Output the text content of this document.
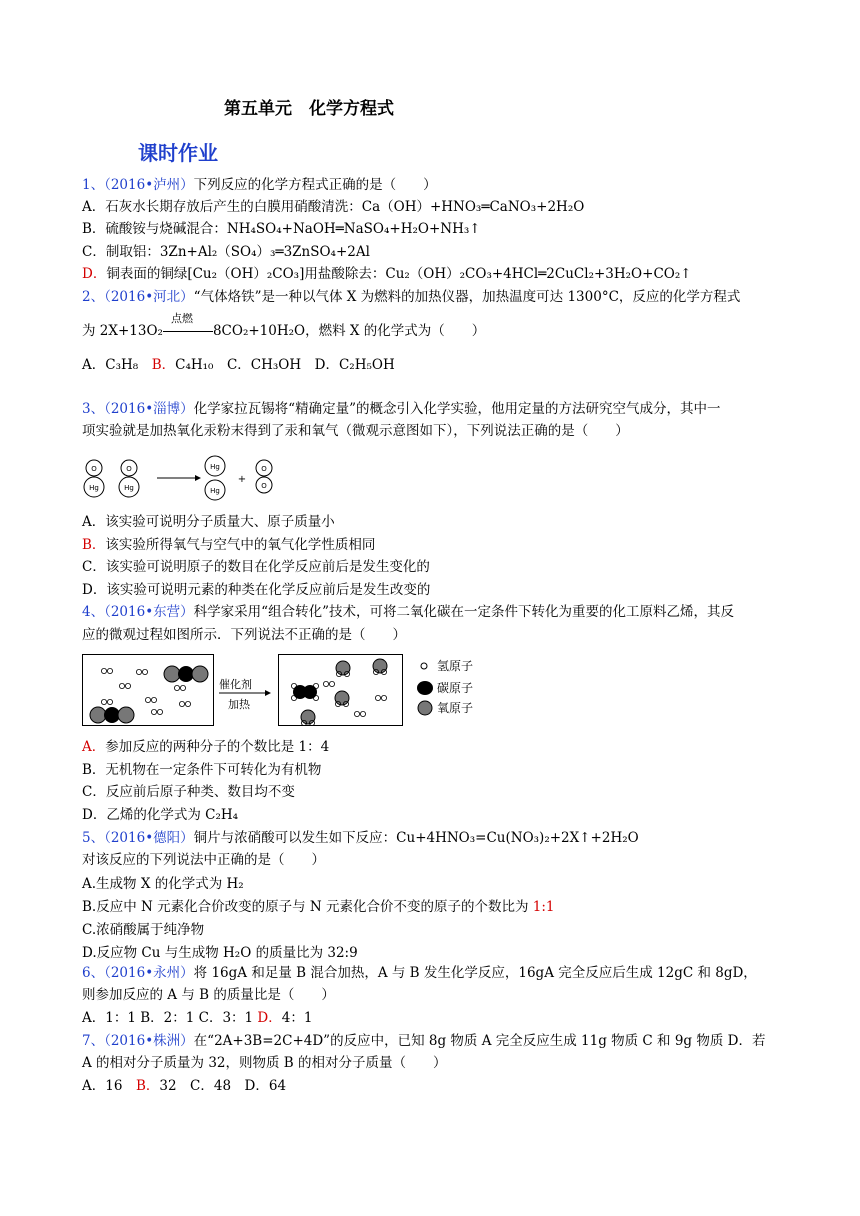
第五单元　化学方程式
课时作业
1、（2016•泸州）下列反应的化学方程式正确的是（　　）
A．石灰水长期存放后产生的白膜用硝酸清洗：Ca（OH）+HNO₃═CaNO₃+2H₂O
B．硫酸铵与烧碱混合：NH₄SO₄+NaOH═NaSO₄+H₂O+NH₃↑
C．制取铝：3Zn+Al₂（SO₄）₃═3ZnSO₄+2Al
D．铜表面的铜绿[Cu₂（OH）₂CO₃]用盐酸除去：Cu₂（OH）₂CO₃+4HCl═2CuCl₂+3H₂O+CO₂↑
2、（2016•河北）“气体烙铁”是一种以气体 X 为燃料的加热仪器，加热温度可达 1300°C，反应的化学方程式
为 2X+13O₂
点燃
8CO₂+10H₂O，燃料 X 的化学式为（　　）
A．C₃H₈　 B．C₄H₁₀　 C．CH₃OH　 D．C₂H₅OH
3、（2016•淄博）化学家拉瓦锡将“精确定量”的概念引入化学实验，他用定量的方法研究空气成分，其中一
项实验就是加热氧化汞粉末得到了汞和氧气（微观示意图如下），下列说法正确的是（　　）
O
Hg
O
Hg
Hg
Hg
+
O
O
A．该实验可说明分子质量大、原子质量小
B．该实验所得氧气与空气中的氧气化学性质相同
C．该实验可说明原子的数目在化学反应前后是发生变化的
D．该实验可说明元素的种类在化学反应前后是发生改变的
4、（2016•东营）科学家采用“组合转化”技术，可将二氧化碳在一定条件下转化为重要的化工原料乙烯，其反
应的微观过程如图所示．下列说法不正确的是（　　）
催化剂
加热
氢原子
碳原子
氧原子
A．参加反应的两种分子的个数比是 1：4
B．无机物在一定条件下可转化为有机物
C．反应前后原子种类、数目均不变
D．乙烯的化学式为 C₂H₄
5、（2016•德阳）铜片与浓硝酸可以发生如下反应：Cu+4HNO₃=Cu(NO₃)₂+2X↑+2H₂O
对该反应的下列说法中正确的是（　　）
A.生成物 X 的化学式为 H₂
B.反应中 N 元素化合价改变的原子与 N 元素化合价不变的原子的个数比为 1:1
C.浓硝酸属于纯净物
D.反应物 Cu 与生成物 H₂O 的质量比为 32:9
6、（2016•永州）将 16gA 和足量 B 混合加热，A 与 B 发生化学反应，16gA 完全反应后生成 12gC 和 8gD，
则参加反应的 A 与 B 的质量比是（　　）
A．1：1 B．2：1 C．3：1 D．4：1
7、（2016•株洲）在“2A+3B=2C+4D”的反应中，已知 8g 物质 A 完全反应生成 11g 物质 C 和 9g 物质 D．若
A 的相对分子质量为 32，则物质 B 的相对分子质量（　　）
A．16　B．32　C．48　D．64
